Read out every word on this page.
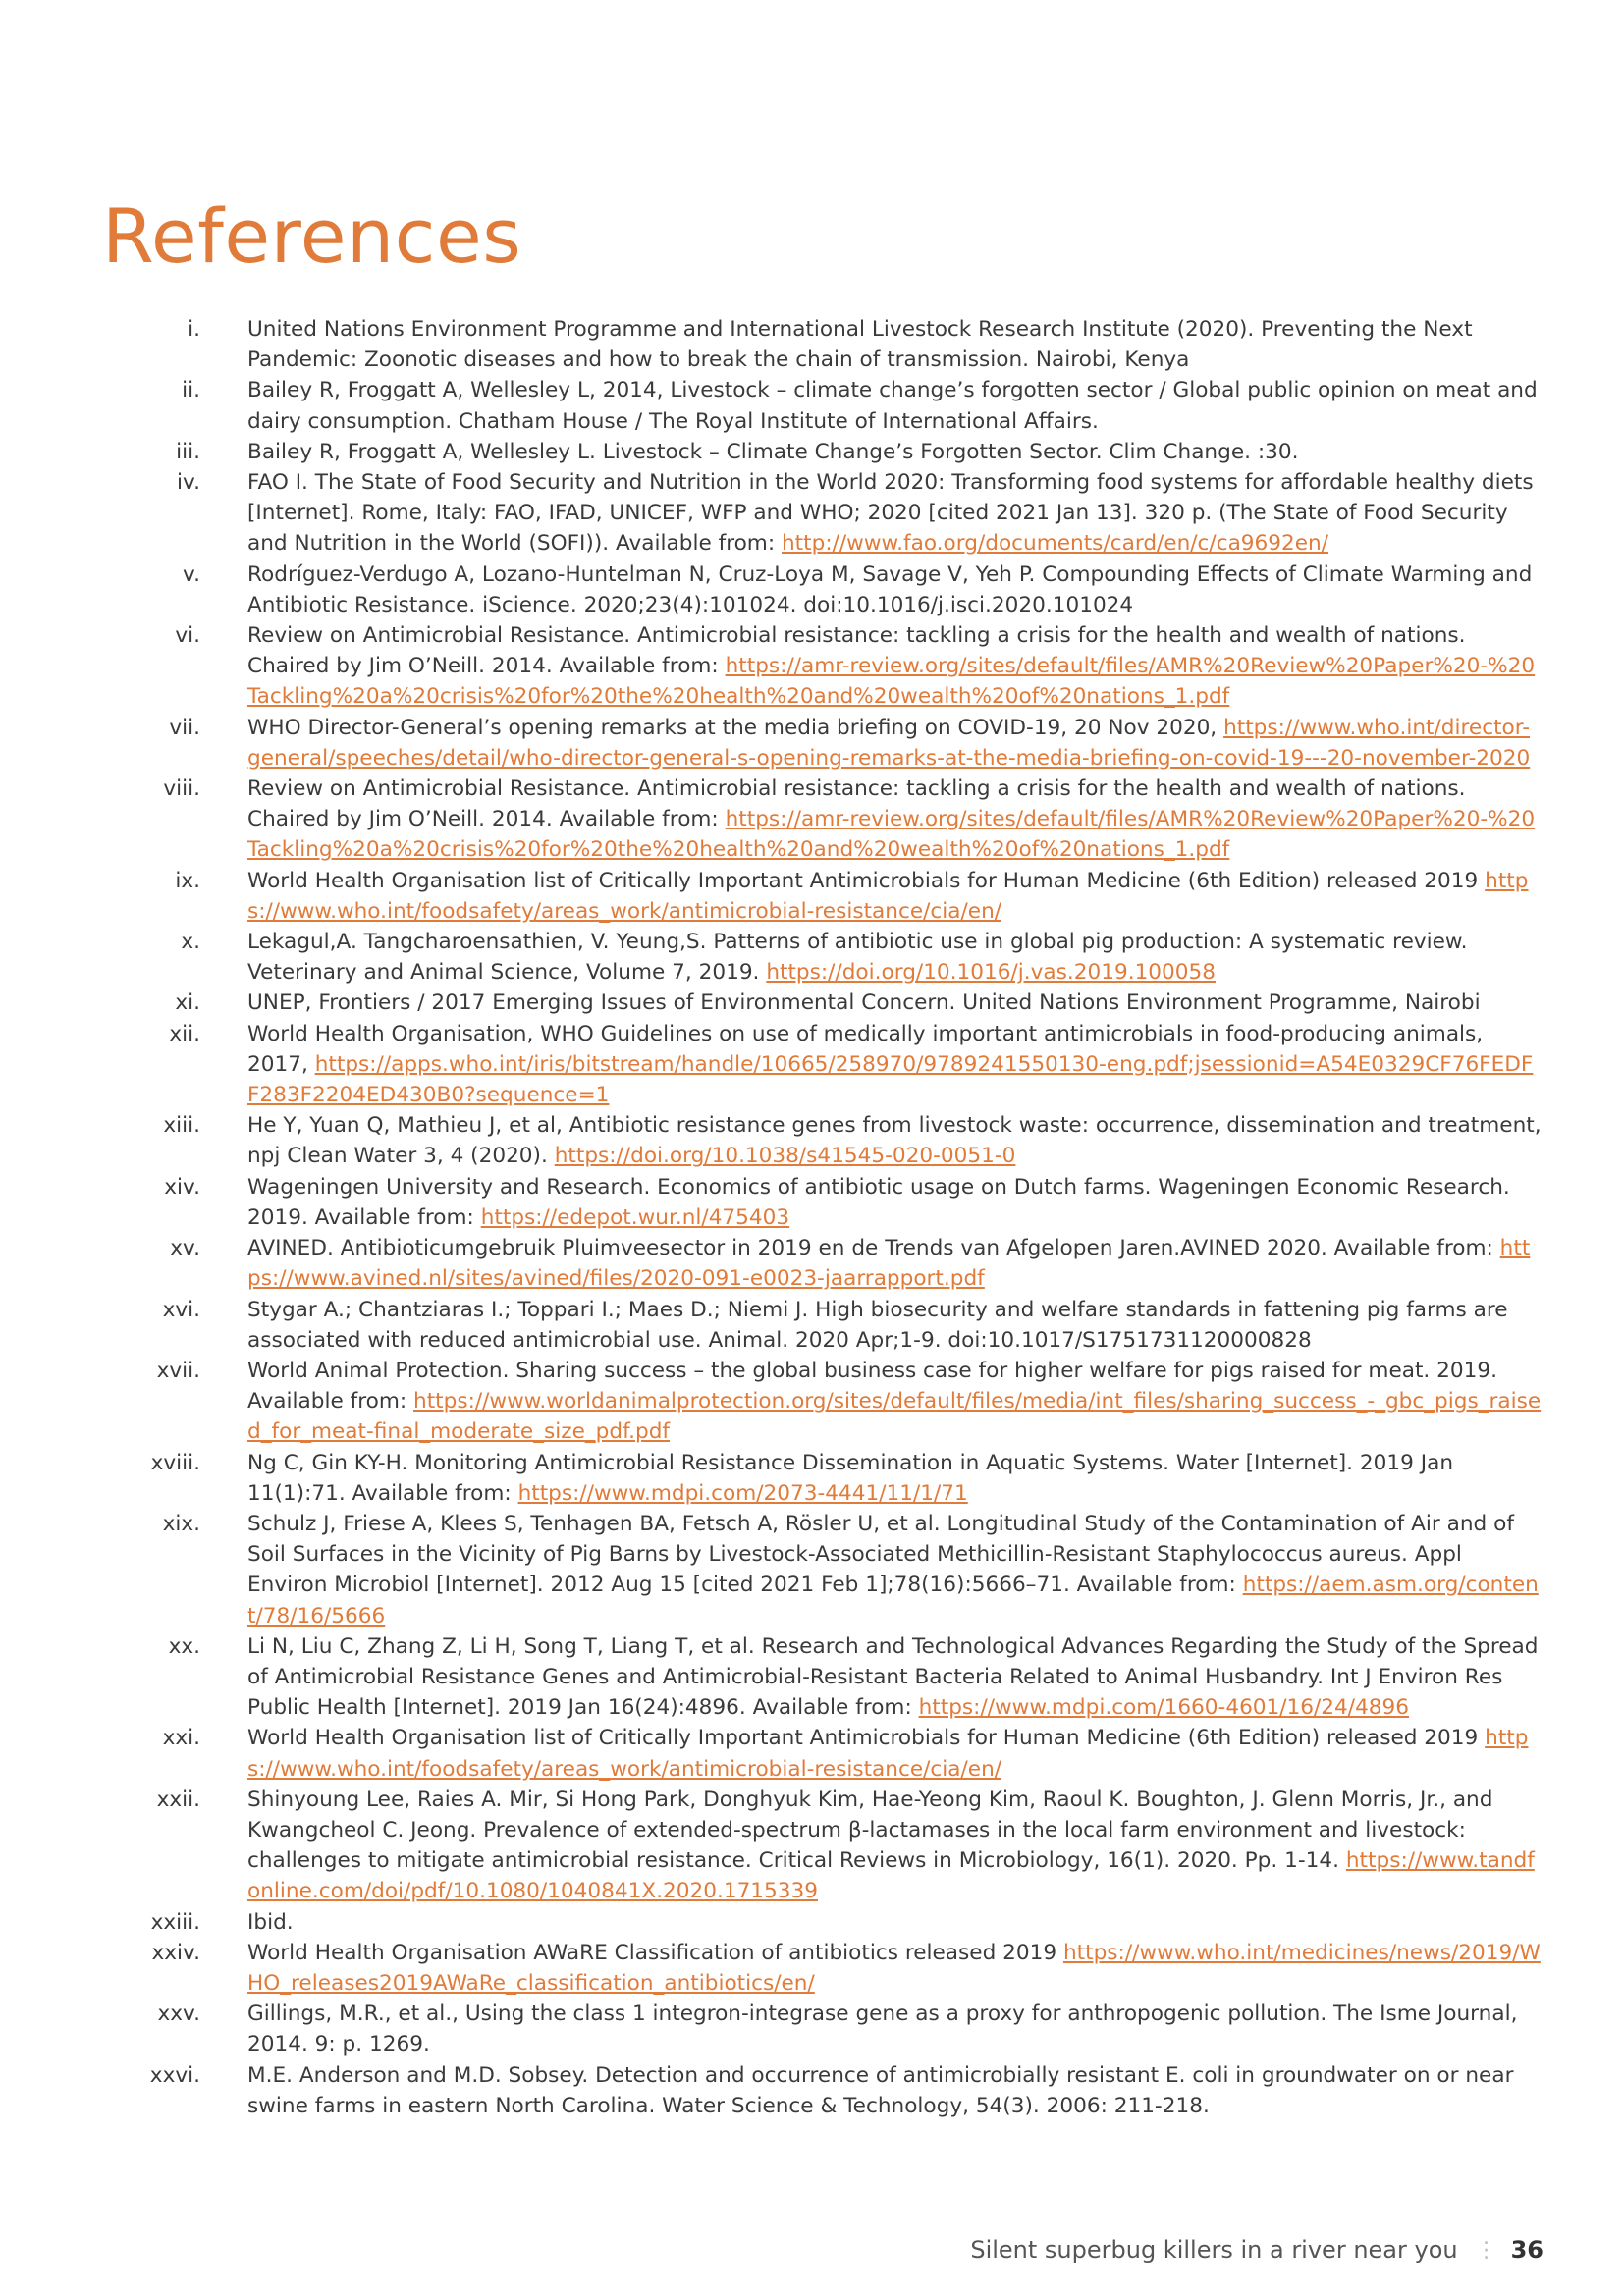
References
i. United Nations Environment Programme and International Livestock Research Institute (2020). Preventing the Next Pandemic: Zoonotic diseases and how to break the chain of transmission. Nairobi, Kenya
ii. Bailey R, Froggatt A, Wellesley L, 2014, Livestock – climate change’s forgotten sector / Global public opinion on meat and dairy consumption. Chatham House / The Royal Institute of International Affairs.
iii. Bailey R, Froggatt A, Wellesley L. Livestock – Climate Change’s Forgotten Sector. Clim Change. :30.
iv. FAO I. The State of Food Security and Nutrition in the World 2020: Transforming food systems for affordable healthy diets [Internet]. Rome, Italy: FAO, IFAD, UNICEF, WFP and WHO; 2020 [cited 2021 Jan 13]. 320 p. (The State of Food Security and Nutrition in the World (SOFI)). Available from: http://www.fao.org/documents/card/en/c/ca9692en/
v. Rodríguez-Verdugo A, Lozano-Huntelman N, Cruz-Loya M, Savage V, Yeh P. Compounding Effects of Climate Warming and Antibiotic Resistance. iScience. 2020;23(4):101024. doi:10.1016/j.isci.2020.101024
vi. Review on Antimicrobial Resistance. Antimicrobial resistance: tackling a crisis for the health and wealth of nations. Chaired by Jim O’Neill. 2014. Available from: https://amr-review.org/sites/default/files/AMR%20Review%20Paper%20-%20Tackling%20a%20crisis%20for%20the%20health%20and%20wealth%20of%20nations_1.pdf
vii. WHO Director-General’s opening remarks at the media briefing on COVID-19, 20 Nov 2020, https://www.who.int/director-general/speeches/detail/who-director-general-s-opening-remarks-at-the-media-briefing-on-covid-19---20-november-2020
viii. Review on Antimicrobial Resistance. Antimicrobial resistance: tackling a crisis for the health and wealth of nations. Chaired by Jim O’Neill. 2014. Available from: https://amr-review.org/sites/default/files/AMR%20Review%20Paper%20-%20Tackling%20a%20crisis%20for%20the%20health%20and%20wealth%20of%20nations_1.pdf
ix. World Health Organisation list of Critically Important Antimicrobials for Human Medicine (6th Edition) released 2019 https://www.who.int/foodsafety/areas_work/antimicrobial-resistance/cia/en/
x. Lekagul,A. Tangcharoensathien, V. Yeung,S. Patterns of antibiotic use in global pig production: A systematic review. Veterinary and Animal Science, Volume 7, 2019. https://doi.org/10.1016/j.vas.2019.100058
xi. UNEP, Frontiers / 2017 Emerging Issues of Environmental Concern. United Nations Environment Programme, Nairobi
xii. World Health Organisation, WHO Guidelines on use of medically important antimicrobials in food-producing animals, 2017, https://apps.who.int/iris/bitstream/handle/10665/258970/9789241550130-eng.pdf;jsessionid=A54E0329CF76FEDFF283F2204ED430B0?sequence=1
xiii. He Y, Yuan Q, Mathieu J, et al, Antibiotic resistance genes from livestock waste: occurrence, dissemination and treatment, npj Clean Water 3, 4 (2020). https://doi.org/10.1038/s41545-020-0051-0
xiv. Wageningen University and Research. Economics of antibiotic usage on Dutch farms. Wageningen Economic Research. 2019. Available from: https://edepot.wur.nl/475403
xv. AVINED. Antibioticumgebruik Pluimveesector in 2019 en de Trends van Afgelopen Jaren.AVINED 2020. Available from: https://www.avined.nl/sites/avined/files/2020-091-e0023-jaarrapport.pdf
xvi. Stygar A.; Chantziaras I.; Toppari I.; Maes D.; Niemi J. High biosecurity and welfare standards in fattening pig farms are associated with reduced antimicrobial use. Animal. 2020 Apr;1-9. doi:10.1017/S1751731120000828
xvii. World Animal Protection. Sharing success – the global business case for higher welfare for pigs raised for meat. 2019. Available from: https://www.worldanimalprotection.org/sites/default/files/media/int_files/sharing_success_-_gbc_pigs_raised_for_meat-final_moderate_size_pdf.pdf
xviii. Ng C, Gin KY-H. Monitoring Antimicrobial Resistance Dissemination in Aquatic Systems. Water [Internet]. 2019 Jan 11(1):71. Available from: https://www.mdpi.com/2073-4441/11/1/71
xix. Schulz J, Friese A, Klees S, Tenhagen BA, Fetsch A, Rösler U, et al. Longitudinal Study of the Contamination of Air and of Soil Surfaces in the Vicinity of Pig Barns by Livestock-Associated Methicillin-Resistant Staphylococcus aureus. Appl Environ Microbiol [Internet]. 2012 Aug 15 [cited 2021 Feb 1];78(16):5666–71. Available from: https://aem.asm.org/content/78/16/5666
xx. Li N, Liu C, Zhang Z, Li H, Song T, Liang T, et al. Research and Technological Advances Regarding the Study of the Spread of Antimicrobial Resistance Genes and Antimicrobial-Resistant Bacteria Related to Animal Husbandry. Int J Environ Res Public Health [Internet]. 2019 Jan 16(24):4896. Available from: https://www.mdpi.com/1660-4601/16/24/4896
xxi. World Health Organisation list of Critically Important Antimicrobials for Human Medicine (6th Edition) released 2019 https://www.who.int/foodsafety/areas_work/antimicrobial-resistance/cia/en/
xxii. Shinyoung Lee, Raies A. Mir, Si Hong Park, Donghyuk Kim, Hae-Yeong Kim, Raoul K. Boughton, J. Glenn Morris, Jr., and Kwangcheol C. Jeong. Prevalence of extended-spectrum β-lactamases in the local farm environment and livestock: challenges to mitigate antimicrobial resistance. Critical Reviews in Microbiology, 16(1). 2020. Pp. 1-14. https://www.tandfonline.com/doi/pdf/10.1080/1040841X.2020.1715339
xxiii. Ibid.
xxiv. World Health Organisation AWaRE Classification of antibiotics released 2019 https://www.who.int/medicines/news/2019/WHO_releases2019AWaRe_classification_antibiotics/en/
xxv. Gillings, M.R., et al., Using the class 1 integron-integrase gene as a proxy for anthropogenic pollution. The Isme Journal, 2014. 9: p. 1269.
xxvi. M.E. Anderson and M.D. Sobsey. Detection and occurrence of antimicrobially resistant E. coli in groundwater on or near swine farms in eastern North Carolina. Water Science & Technology, 54(3). 2006: 211-218.
Silent superbug killers in a river near you ⋮ 36
